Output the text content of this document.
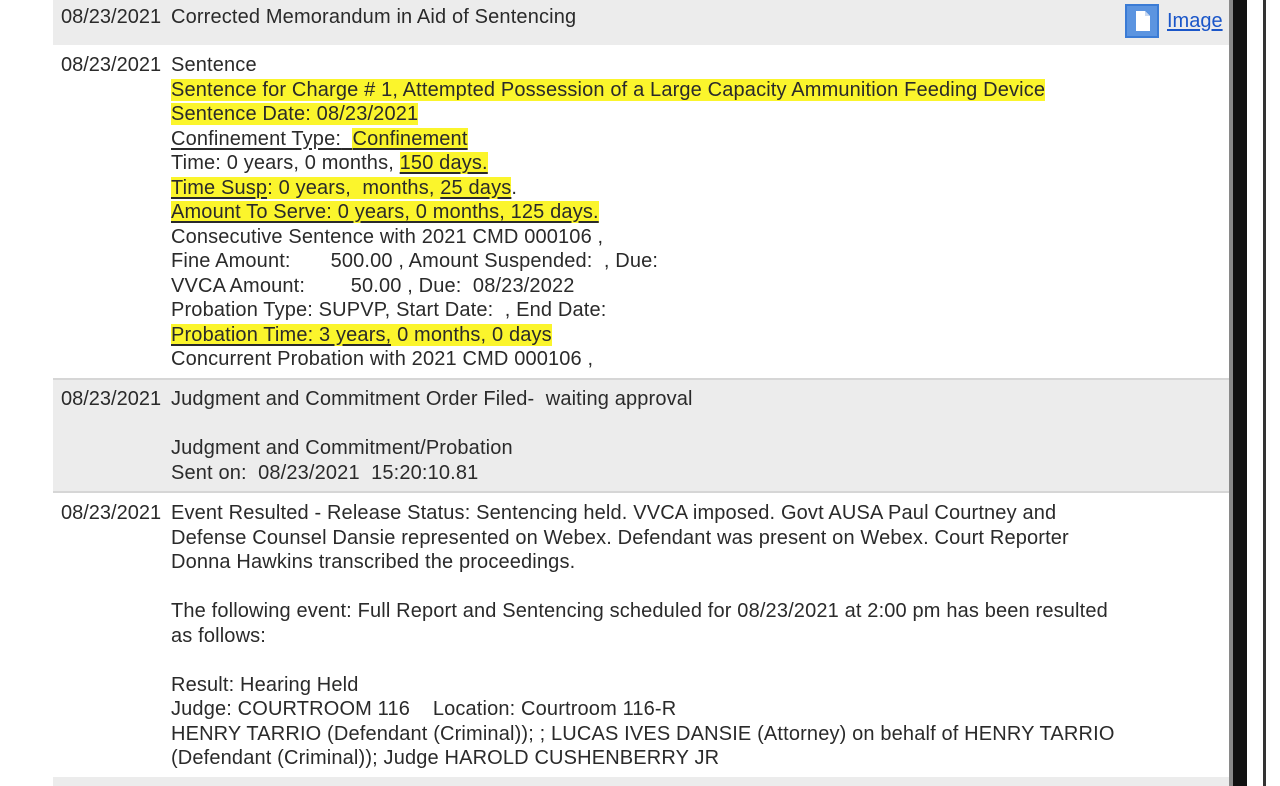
08/23/2021 Corrected Memorandum in Aid of Sentencing	Image
08/23/2021 Sentence
Sentence for Charge # 1, Attempted Possession of a Large Capacity Ammunition Feeding Device
Sentence Date: 08/23/2021
Confinement Type: Confinement
Time: 0 years, 0 months, 150 days.
Time Susp: 0 years,  months, 25 days.
Amount To Serve: 0 years, 0 months, 125 days.
Consecutive Sentence with 2021 CMD 000106 ,
Fine Amount:       500.00 , Amount Suspended:  , Due:
VVCA Amount:        50.00 , Due:  08/23/2022
Probation Type: SUPVP, Start Date:  , End Date:
Probation Time: 3 years, 0 months, 0 days
Concurrent Probation with 2021 CMD 000106 ,
08/23/2021 Judgment and Commitment Order Filed-  waiting approval
Judgment and Commitment/Probation
Sent on:  08/23/2021  15:20:10.81
08/23/2021 Event Resulted - Release Status: Sentencing held. VVCA imposed. Govt AUSA Paul Courtney and Defense Counsel Dansie represented on Webex. Defendant was present on Webex. Court Reporter Donna Hawkins transcribed the proceedings.
The following event: Full Report and Sentencing scheduled for 08/23/2021 at 2:00 pm has been resulted as follows:
Result: Hearing Held
Judge: COURTROOM 116    Location: Courtroom 116-R
HENRY TARRIO (Defendant (Criminal)); ; LUCAS IVES DANSIE (Attorney) on behalf of HENRY TARRIO (Defendant (Criminal)); Judge HAROLD CUSHENBERRY JR
